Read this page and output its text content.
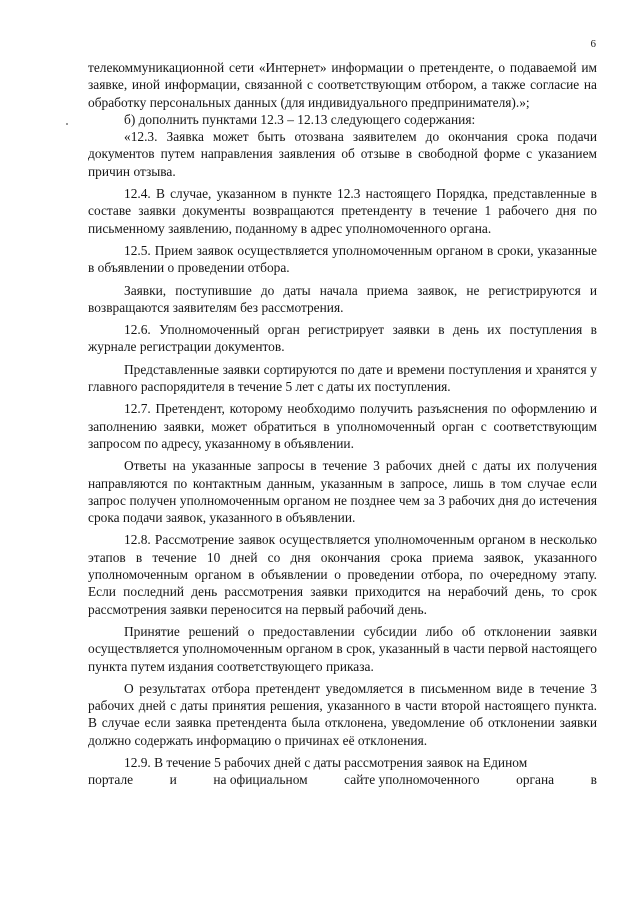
6

телекоммуникационной сети «Интернет» информации о претенденте, о подаваемой им заявке, иной информации, связанной с соответствующим отбором, а также согласие на обработку персональных данных (для индивидуального предпринимателя).»;

б) дополнить пунктами 12.3 – 12.13 следующего содержания:

«12.3. Заявка может быть отозвана заявителем до окончания срока подачи документов путем направления заявления об отзыве в свободной форме с указанием причин отзыва.

12.4. В случае, указанном в пункте 12.3 настоящего Порядка, представленные в составе заявки документы возвращаются претенденту в течение 1 рабочего дня по письменному заявлению, поданному в адрес уполномоченного органа.

12.5. Прием заявок осуществляется уполномоченным органом в сроки, указанные в объявлении о проведении отбора.

Заявки, поступившие до даты начала приема заявок, не регистрируются и возвращаются заявителям без рассмотрения.

12.6. Уполномоченный орган регистрирует заявки в день их поступления в журнале регистрации документов.

Представленные заявки сортируются по дате и времени поступления и хранятся у главного распорядителя в течение 5 лет с даты их поступления.

12.7. Претендент, которому необходимо получить разъяснения по оформлению и заполнению заявки, может обратиться в уполномоченный орган с соответствующим запросом по адресу, указанному в объявлении.

Ответы на указанные запросы в течение 3 рабочих дней с даты их получения направляются по контактным данным, указанным в запросе, лишь в том случае если запрос получен уполномоченным органом не позднее чем за 3 рабочих дня до истечения срока подачи заявок, указанного в объявлении.

12.8. Рассмотрение заявок осуществляется уполномоченным органом в несколько этапов в течение 10 дней со дня окончания срока приема заявок, указанного уполномоченным органом в объявлении о проведении отбора, по очередному этапу. Если последний день рассмотрения заявки приходится на нерабочий день, то срок рассмотрения заявки переносится на первый рабочий день.

Принятие решений о предоставлении субсидии либо об отклонении заявки осуществляется уполномоченным органом в срок, указанный в части первой настоящего пункта путем издания соответствующего приказа.

О результатах отбора претендент уведомляется в письменном виде в течение 3 рабочих дней с даты принятия решения, указанного в части второй настоящего пункта. В случае если заявка претендента была отклонена, уведомление об отклонении заявки должно содержать информацию о причинах её отклонения.

12.9. В течение 5 рабочих дней с даты рассмотрения заявок на Едином

портале	и	на официальном	сайте уполномоченного	органа	в
